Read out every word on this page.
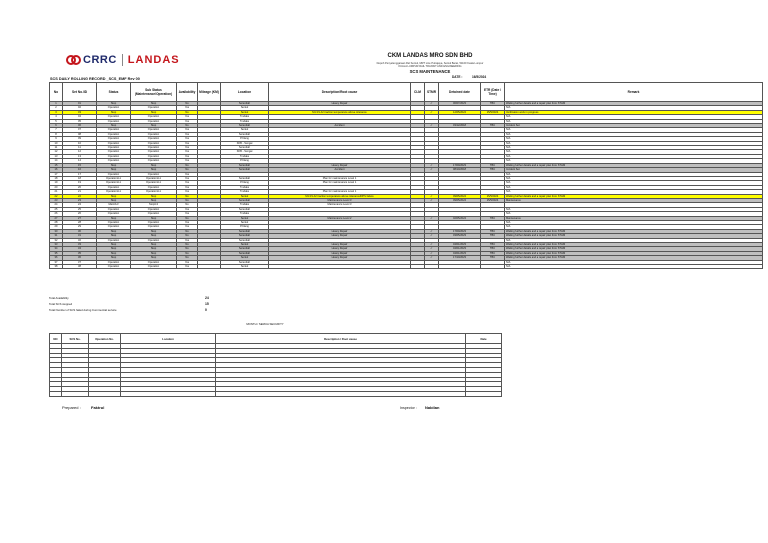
CRRC LANDAS	CKM LANDAS MRO SDN BHD
Depoh Penyelenggaraan Rel Sentul, MRT Line Putrajaya, Sentul Barat, 51100 Kuala Lumpur
KUALA LUMPUR RAIL TRANSIT AND ENGINEERING
SCS MAINTENANCE
DATE :	16/5/2024
SCS DAILY ROLLING RECORD _SCS_EMF Rev 00
No	Set No./ID	Status	Sub Status (Maintenance/Operation)	Availability	Mileage (KM)	Location	Description/Root cause	CLM	STMR	Detained date	ETR (Date / Time)	Remark
1	01	Stop	Stop	No		Serendah	Heavy Repair		✓	06/07/2023	TBC	Waiting further details and a repair plan from STHM
2	02	Operation	Operation	Yes		Sentul						N/A
3	03	Stop	Stop	No		Sentul	M1 R1 A2 traction temperature above tolerance		✓	12/05/2024	15/5/2024	Verification work in progress
4	04	Operation	Operation	Yes		Tmdaks						N/A
5	05	Operation	Operation	Yes		Tmdaks						N/A
6	06	Stop	Stop	No		Serendah	Accident		✓	03/12/2018	TBC	Incident Set
7	07	Operation	Operation	Yes		Sentul						N/A
8	08	Operation	Operation	Yes		Serendah						N/A
9	09	Operation	Operation	Yes		P.Klang						N/A
10	10	Operation	Operation	Yes		KKB - Sungai						N/A
11	11	Operation	Operation	Yes		Serendah						N/A
12	12	Operation	Operation	Yes		KKB - Sungai						N/A
13	13	Operation	Operation	Yes		Tmdaks						N/A
14	14	Operation	Operation	Yes		P.Klang						N/A
15	15	Stop	Stop	No		Serendah	Heavy Repair		✓	17/09/2023	TBC	Waiting further details and a repair plan from STHM
16	16	Stop	Stop	No		Serendah	Accident		✓	08/10/2018	TBC	Incident Set
17	17	Operation	Operation	Yes								N/A
18	18	Operation/L1	Operation/L1	Yes		Serendah	Plan for maintenance Level 1					N/A
19	19	Operation/L1	Operation/L1	Yes		P.Klang	Plan for maintenance Level 1					N/A
20	20	Operation	Operation	Yes		Tmdaks						N/A
21	21	Operation/L1	Operation/L1	Yes		Tmdaks	Plan for maintenance Level 1					N/A
22	22	Stop	Stop	No		Sentul	M1 R1 A2 traction temperature above tolerance/DPS failure		✓	09/05/2024	15/5/2024	Waiting further details and a repair plan from STHM
23	23	Stop	Stop	No		Serendah	Maintenance Level 3		✓	09/05/2024	15/5/2024	Maintenance
24	24	Maint/L3	Stop/L3	No		Tmdaks	Maintenance Level 3					
25	25	Operation	Operation	Yes		Serendah						N/A
26	26	Operation	Operation	Yes		Tmdaks						N/A
27	27	Stop	Stop	No		Sentul	Maintenance Level 2		✓	02/05/2024	TBC	Maintenance
28	28	Operation	Operation	Yes		Sentul						N/A
29	29	Operation	Operation	Yes		P.Klang						N/A
30	30	Stop	Stop	No		Serendah	Heavy Repair		✓	17/09/2023	TBC	Waiting further details and a repair plan from STHM
31	31	Stop	Stop	No		Serendah	Heavy Repair		✓	03/05/2023	TBC	Waiting further details and a repair plan from STHM
32	32	Operation	Operation	Yes		Serendah						N/A
33	33	Stop	Stop	No		Sentul	Heavy Repair		✓	04/01/2023	TBC	Waiting further details and a repair plan from STHM
34	34	Stop	Stop	No		Serendah	Heavy Repair		✓	04/01/2023	TBC	Waiting further details and a repair plan from STHM
35	35	Stop	Stop	No		Serendah	Heavy Repair		✓	04/01/2023	TBC	Waiting further details and a repair plan from STHM
36	36	Stop	Stop	No		Sentul	Heavy Repair		✓	17/10/2023	TBC	Waiting further details and a repair plan from STHM
37	37	Operation	Operation	Yes		Serendah						N/A
38	38	Operation	Operation	Yes		Sentul						N/A
Total Availability	24
Total SCS stopped	15
Total Number of SCS failed during Commercial service	0
MONTH / SEMUA SECURITY
NO	SCS No.	Operation No.	Location	Description / Root cause	Date

Prepared :	Faktrul	Inspector : Nabilan
